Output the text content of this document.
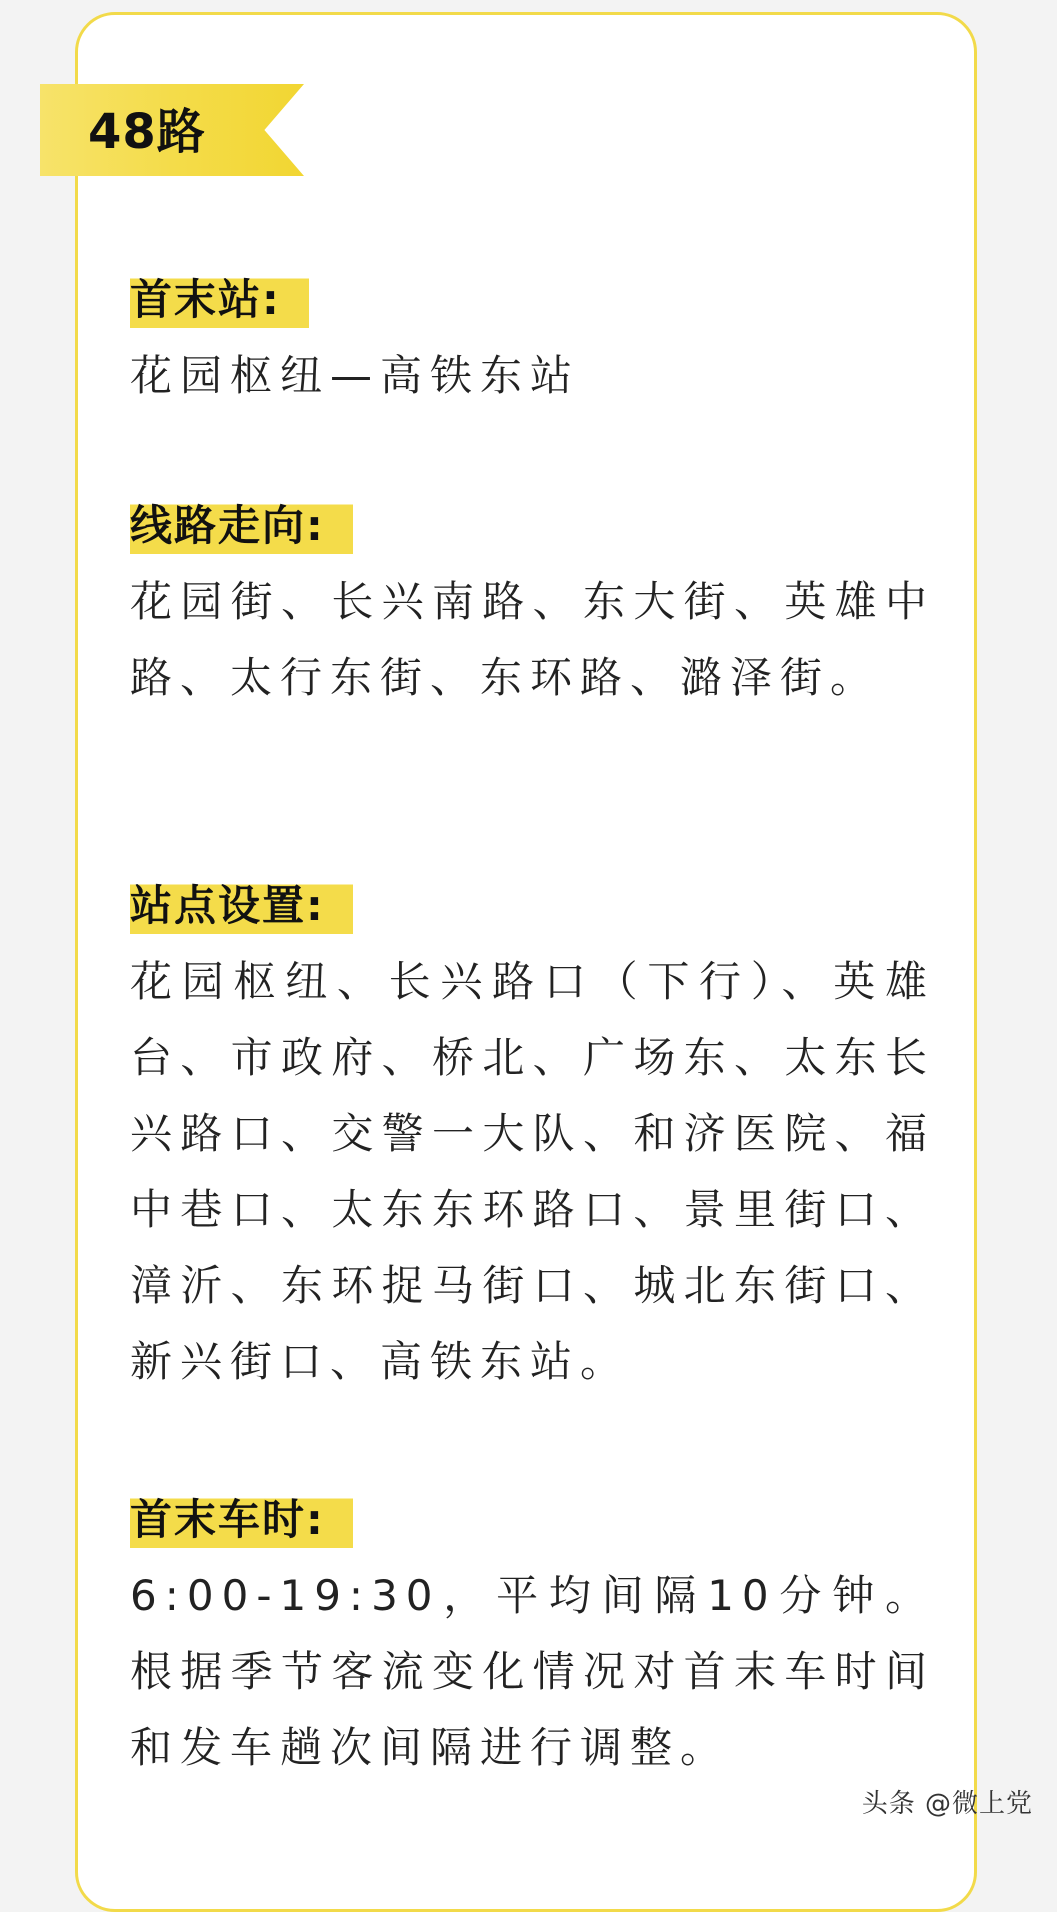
48路
首末站:
花园枢纽—高铁东站
线路走向:
花园街、长兴南路、东大街、英雄中路、太行东街、东环路、潞泽街。
站点设置:
花园枢纽、长兴路口（下行）、英雄台、市政府、桥北、广场东、太东长兴路口、交警一大队、和济医院、福中巷口、太东东环路口、景里街口、漳沂、东环捉马街口、城北东街口、新兴街口、高铁东站。
首末车时:
6:00-19:30，平均间隔10分钟。根据季节客流变化情况对首末车时间和发车趟次间隔进行调整。
头条 @微上党
